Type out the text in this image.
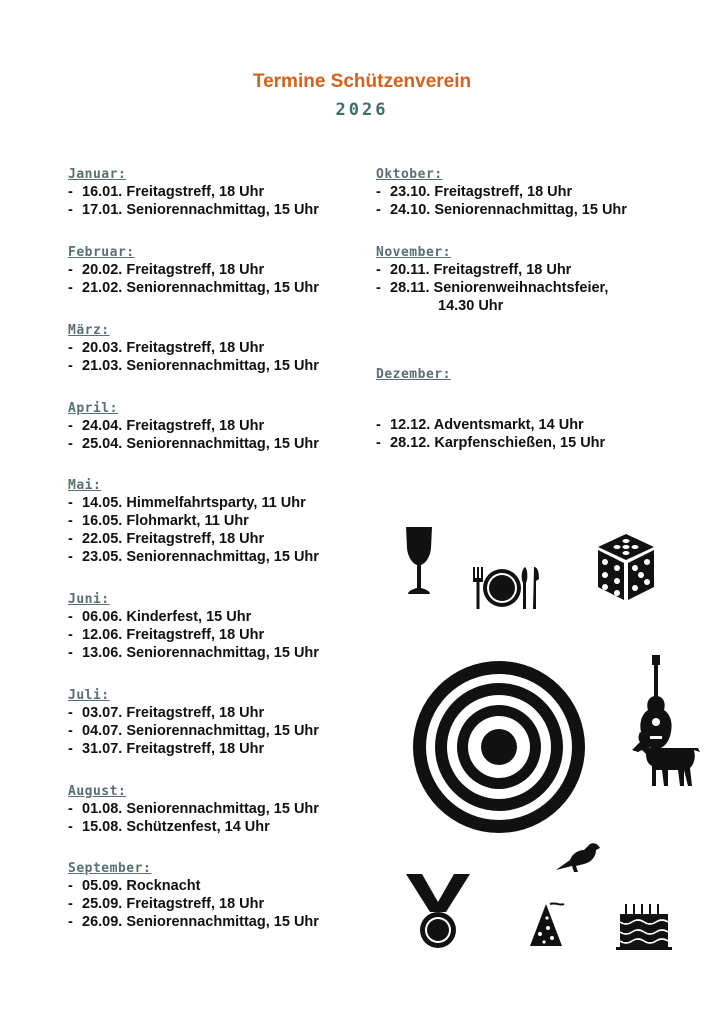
Termine Schützenverein
2026
Januar:
- 16.01. Freitagstreff, 18 Uhr
- 17.01. Seniorennachmittag, 15 Uhr
Februar:
- 20.02. Freitagstreff, 18 Uhr
- 21.02. Seniorennachmittag, 15 Uhr
März:
- 20.03. Freitagstreff, 18 Uhr
- 21.03. Seniorennachmittag, 15 Uhr
April:
- 24.04. Freitagstreff, 18 Uhr
- 25.04. Seniorennachmittag, 15 Uhr
Mai:
- 14.05. Himmelfahrtsparty, 11 Uhr
- 16.05. Flohmarkt, 11 Uhr
- 22.05. Freitagstreff, 18 Uhr
- 23.05. Seniorennachmittag, 15 Uhr
Juni:
- 06.06. Kinderfest, 15 Uhr
- 12.06. Freitagstreff, 18 Uhr
- 13.06. Seniorennachmittag, 15 Uhr
Juli:
- 03.07. Freitagstreff, 18 Uhr
- 04.07. Seniorennachmittag, 15 Uhr
- 31.07. Freitagstreff, 18 Uhr
August:
- 01.08. Seniorennachmittag, 15 Uhr
- 15.08. Schützenfest, 14 Uhr
September:
- 05.09. Rocknacht
- 25.09. Freitagstreff, 18 Uhr
- 26.09. Seniorennachmittag, 15 Uhr
Oktober:
- 23.10. Freitagstreff, 18 Uhr
- 24.10. Seniorennachmittag, 15 Uhr
November:
- 20.11. Freitagstreff, 18 Uhr
- 28.11. Seniorenweihnachtsfeier,
14.30 Uhr
Dezember:
- 12.12. Adventsmarkt, 14 Uhr
- 28.12. Karpfenschießen, 15 Uhr
